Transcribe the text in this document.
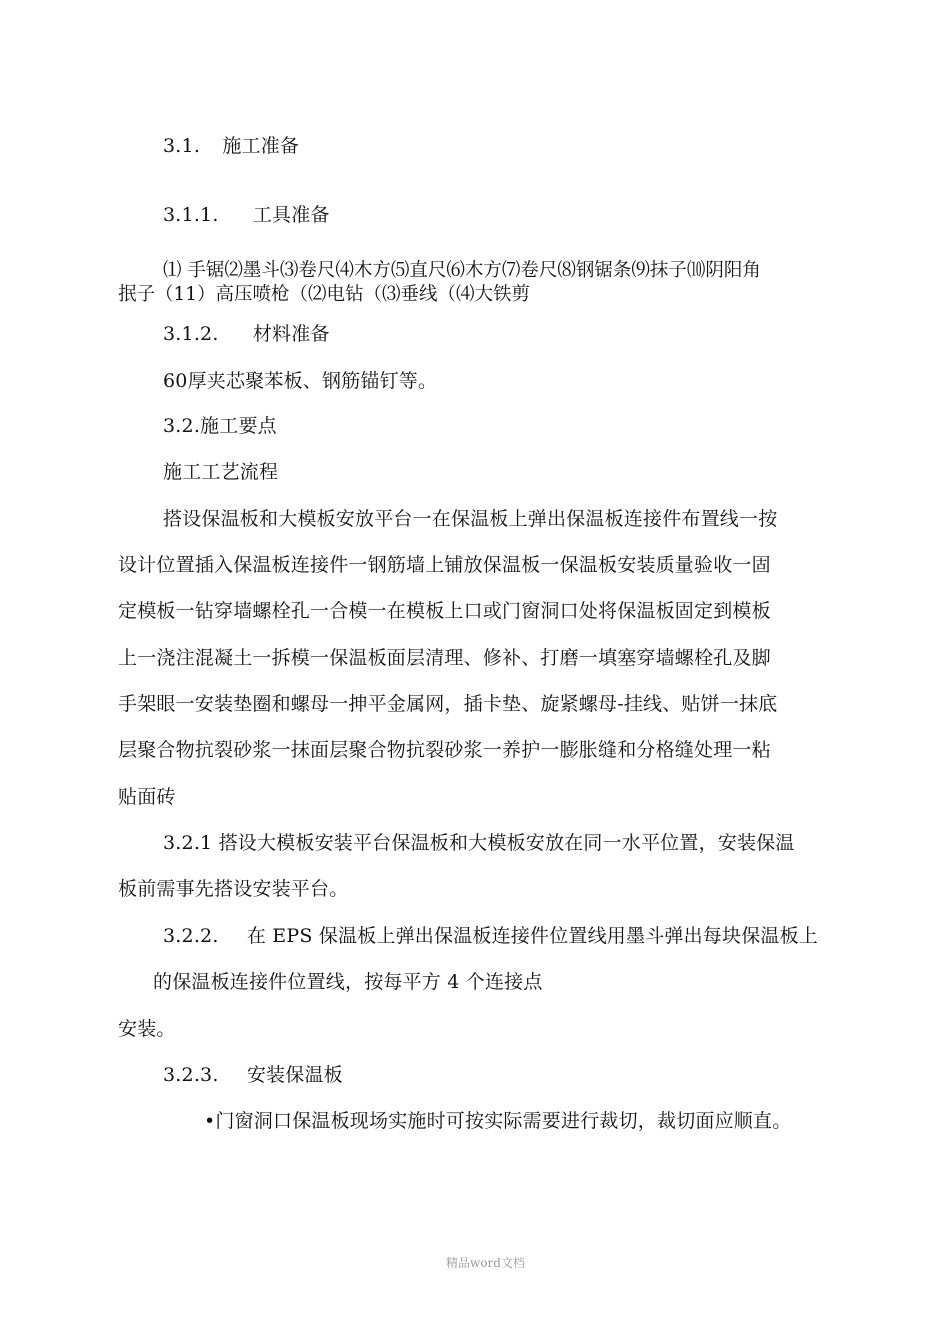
3.1. 施工准备
3.1.1. 工具准备
⑴ 手锯⑵墨斗⑶卷尺⑷木方⑸直尺⑹木方⑺卷尺⑻钢锯条⑼抹子⑽阴阳角
抿子（11）高压喷枪（⑵电钻（⑶垂线（⑷大铁剪
3.1.2. 材料准备
60厚夹芯聚苯板、钢筋锚钉等。
3.2.施工要点
施工工艺流程
搭设保温板和大模板安放平台一在保温板上弹出保温板连接件布置线一按
设计位置插入保温板连接件一钢筋墙上铺放保温板一保温板安装质量验收一固
定模板一钻穿墙螺栓孔一合模一在模板上口或门窗洞口处将保温板固定到模板
上一浇注混凝土一拆模一保温板面层清理、修补、打磨一填塞穿墙螺栓孔及脚
手架眼一安装垫圈和螺母一抻平金属网，插卡垫、旋紧螺母-挂线、贴饼一抹底
层聚合物抗裂砂浆一抹面层聚合物抗裂砂浆一养护一膨胀缝和分格缝处理一粘
贴面砖
3.2.1 搭设大模板安装平台保温板和大模板安放在同一水平位置，安装保温
板前需事先搭设安装平台。
3.2.2. 在 EPS 保温板上弹出保温板连接件位置线用墨斗弹出每块保温板上
的保温板连接件位置线，按每平方 4 个连接点
安装。
3.2.3. 安装保温板
•门窗洞口保温板现场实施时可按实际需要进行裁切，裁切面应顺直。
精品word文档
